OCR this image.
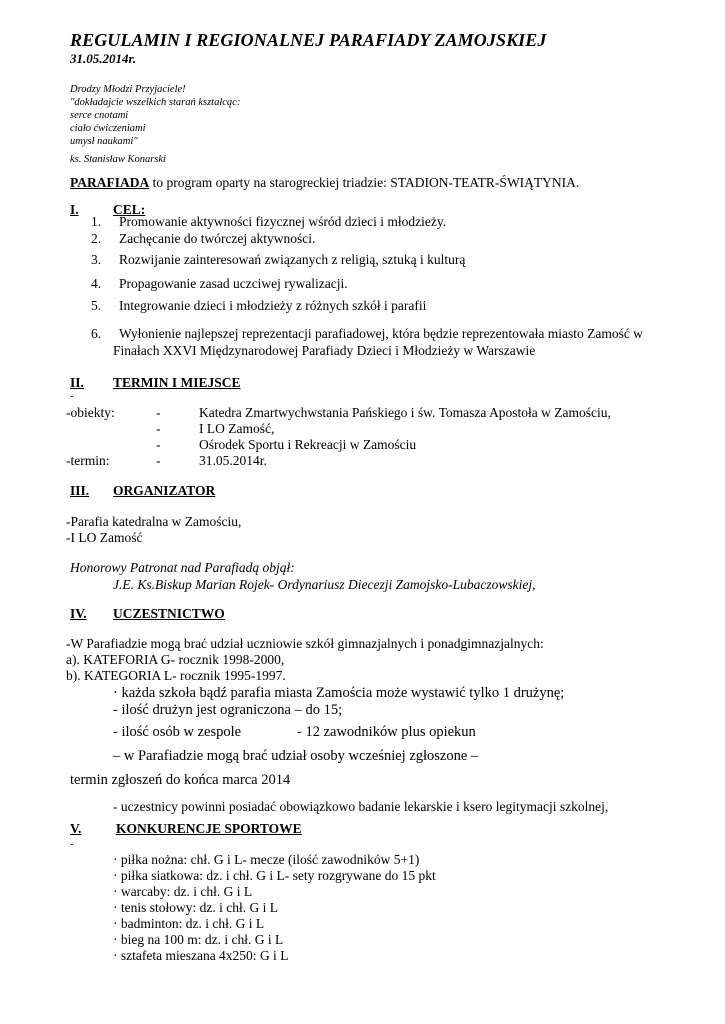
REGULAMIN I REGIONALNEJ PARAFIADY ZAMOJSKIEJ
31.05.2014r.
Drodzy Młodzi Przyjaciele!
"dokładajcie wszelkich starań kształcąc:
serce cnotami
ciało ćwiczeniami
umysł naukami"
ks. Stanisław Konarski
PARAFIADA to program oparty na starogreckiej triadzie: STADION-TEATR-ŚWIĄTYNIA.
I.	CEL:
1. Promowanie aktywności fizycznej wśród dzieci i młodzieży.
2. Zachęcanie do twórczej aktywności.
3. Rozwijanie zainteresowań związanych z religią, sztuką i kulturą
4. Propagowanie zasad uczciwej rywalizacji.
5. Integrowanie dzieci i młodzieży z różnych szkół i parafii
6. Wyłonienie najlepszej reprezentacji parafiadowej, która będzie reprezentowała miasto Zamość w
Finałach XXVI Międzynarodowej Parafiady Dzieci i Młodzieży w Warszawie
II. TERMIN I MIEJSCE
-
-obiekty:	-	Katedra Zmartwychwstania Pańskiego i św. Tomasza Apostoła w Zamościu,
-	I LO Zamość,
-	Ośrodek Sportu i Rekreacji w Zamościu
-termin:	-	31.05.2014r.
III. ORGANIZATOR
-Parafia katedralna w Zamościu,
-I LO Zamość
Honorowy Patronat nad Parafiadą objął:
J.E. Ks.Biskup Marian Rojek- Ordynariusz Diecezji Zamojsko-Lubaczowskiej,
IV. UCZESTNICTWO
-W Parafiadzie mogą brać udział uczniowie szkół gimnazjalnych i ponadgimnazjalnych:
a). KATEFORIA G- rocznik 1998-2000,
b). KATEGORIA L- rocznik 1995-1997.
· każda szkoła bądź parafia miasta Zamościa może wystawić tylko 1 drużynę;
- ilość drużyn jest ograniczona – do 15;
- ilość osób w zespole	- 12 zawodników plus opiekun
– w Parafiadzie mogą brać udział osoby wcześniej zgłoszone –
termin zgłoszeń do końca marca 2014
- uczestnicy powinni posiadać obowiązkowo badanie lekarskie i ksero legitymacji szkolnej,
V.	KONKURENCJE SPORTOWE
-
· piłka nożna: chł. G i L- mecze (ilość zawodników 5+1)
· piłka siatkowa: dz. i chł. G i L- sety rozgrywane do 15 pkt
· warcaby: dz. i chł. G i L
· tenis stołowy: dz. i chł. G i L
· badminton: dz. i chł. G i L
· bieg na 100 m: dz. i chł. G i L
· sztafeta mieszana 4x250: G i L
